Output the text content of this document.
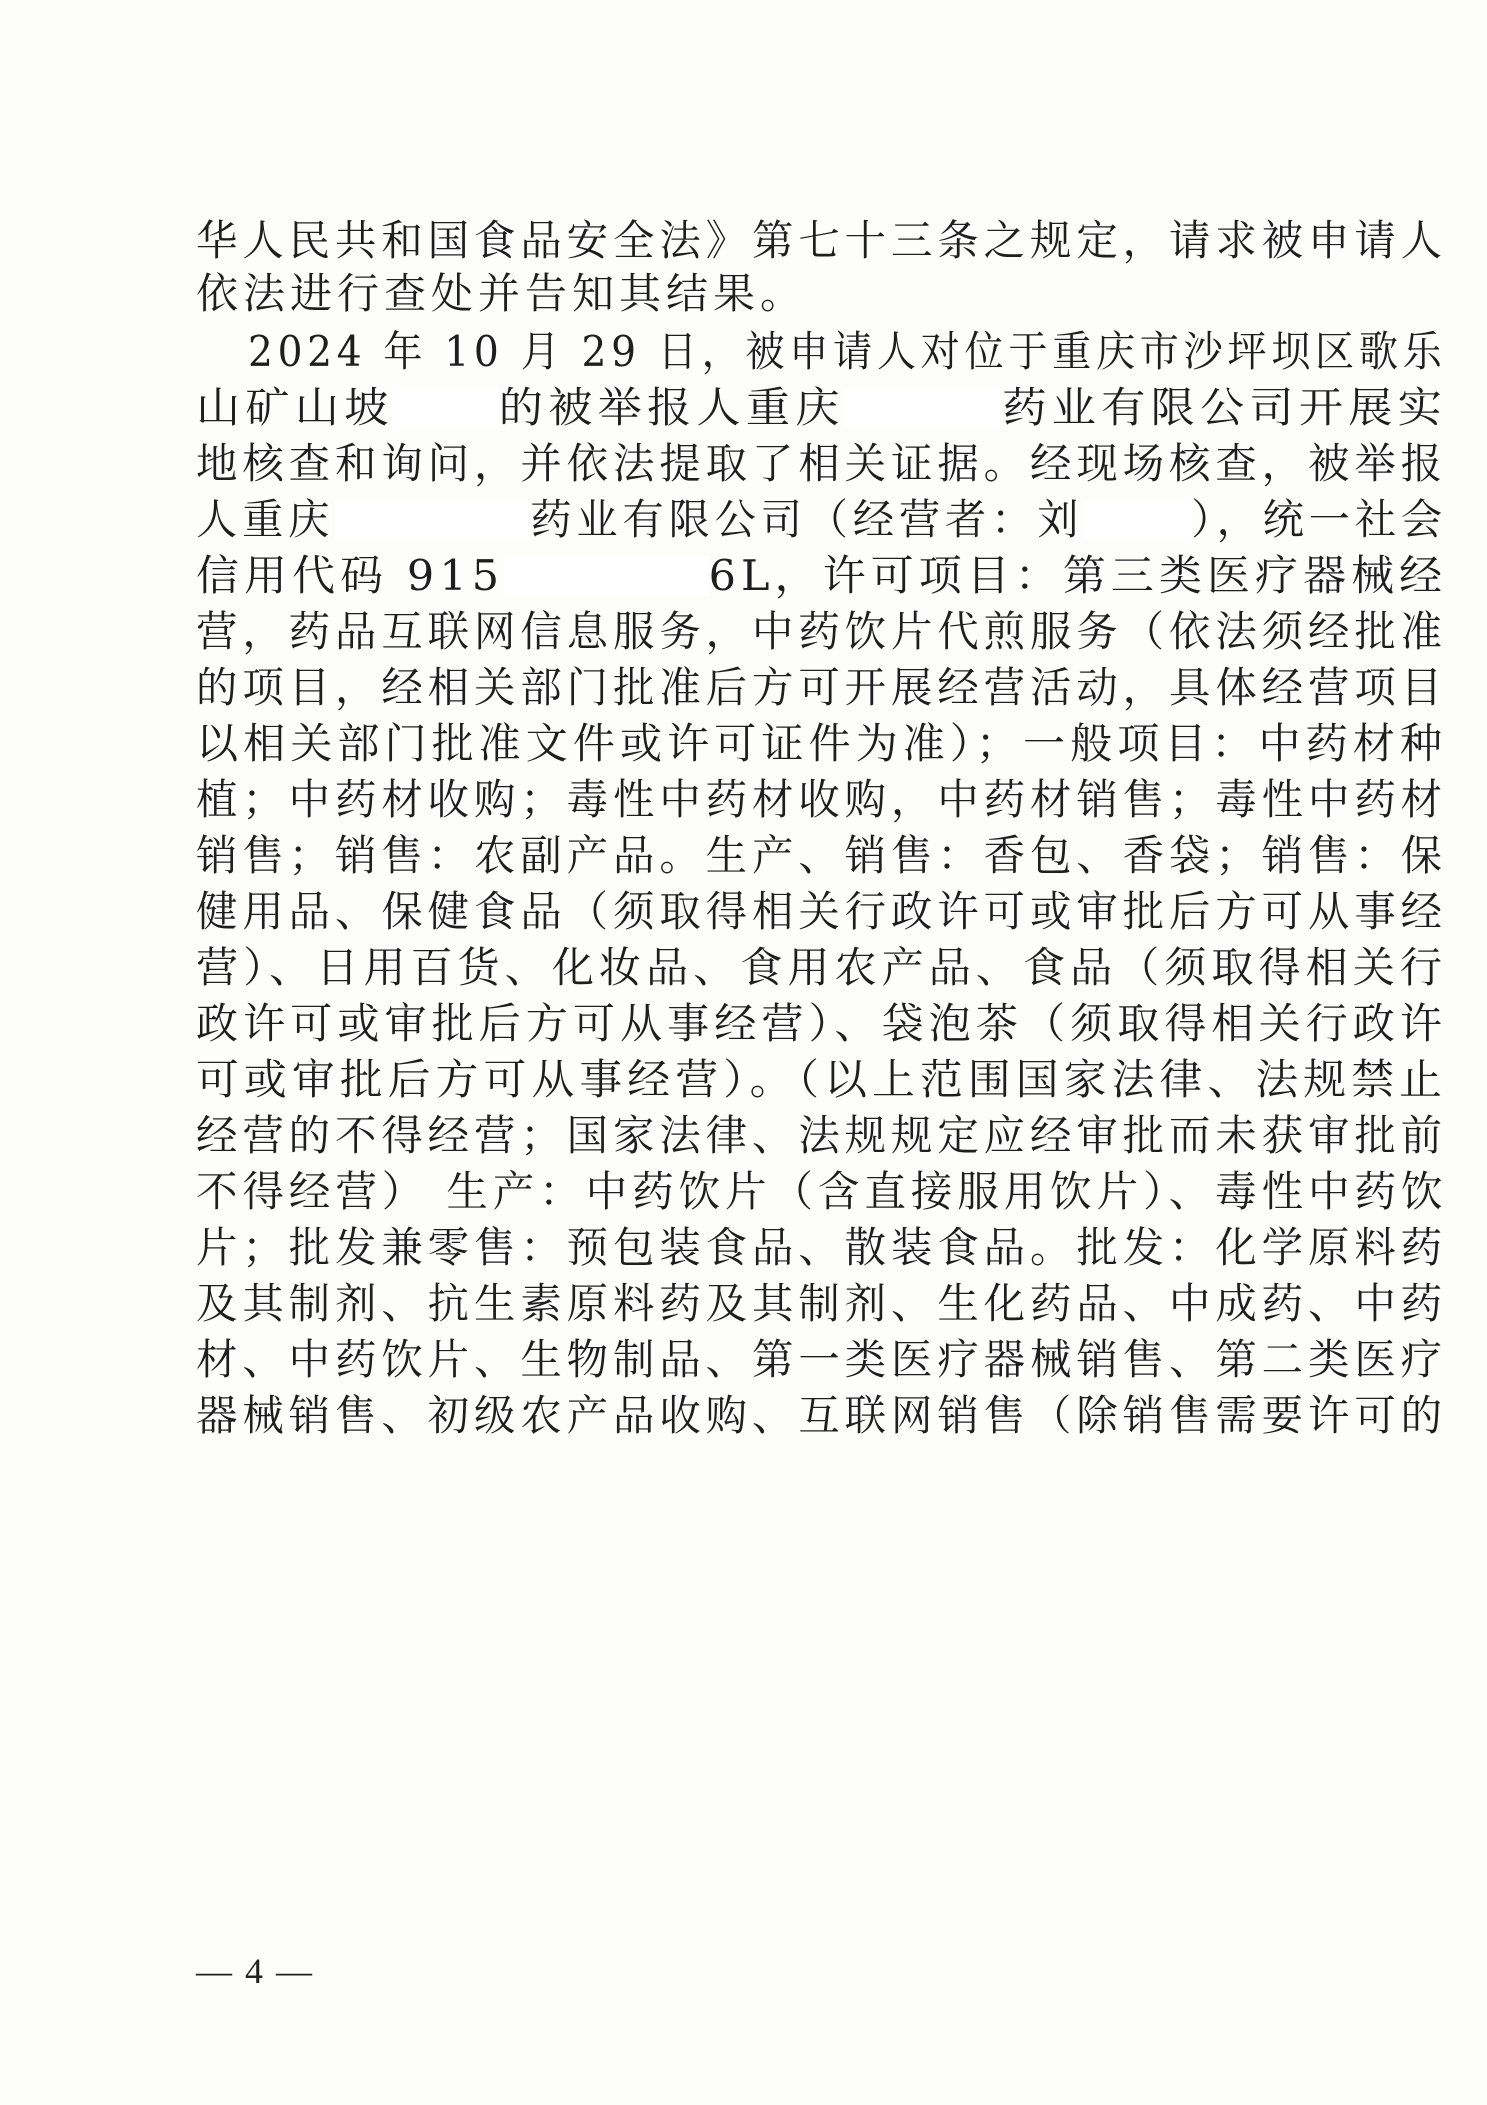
华人民共和国食品安全法》第七十三条之规定，请求被申请人
依法进行查处并告知其结果。
2024 年 10 月 29 日，被申请人对位于重庆市沙坪坝区歌乐
山矿山坡	的被举报人重庆	药业有限公司开展实
地核查和询问，并依法提取了相关证据。经现场核查，被举报
人重庆	药业有限公司（经营者：刘	），统一社会
信用代码 915	6L，许可项目：第三类医疗器械经
营，药品互联网信息服务，中药饮片代煎服务（依法须经批准
的项目，经相关部门批准后方可开展经营活动，具体经营项目
以相关部门批准文件或许可证件为准）；一般项目：中药材种
植；中药材收购；毒性中药材收购，中药材销售；毒性中药材
销售；销售：农副产品。生产、销售：香包、香袋；销售：保
健用品、保健食品（须取得相关行政许可或审批后方可从事经
营）、日用百货、化妆品、食用农产品、食品（须取得相关行
政许可或审批后方可从事经营）、袋泡茶（须取得相关行政许
可或审批后方可从事经营）。（以上范围国家法律、法规禁止
经营的不得经营；国家法律、法规规定应经审批而未获审批前
不得经营） 生产：中药饮片（含直接服用饮片）、毒性中药饮
片；批发兼零售：预包装食品、散装食品。批发：化学原料药
及其制剂、抗生素原料药及其制剂、生化药品、中成药、中药
材、中药饮片、生物制品、第一类医疗器械销售、第二类医疗
器械销售、初级农产品收购、互联网销售（除销售需要许可的
— 4 —
